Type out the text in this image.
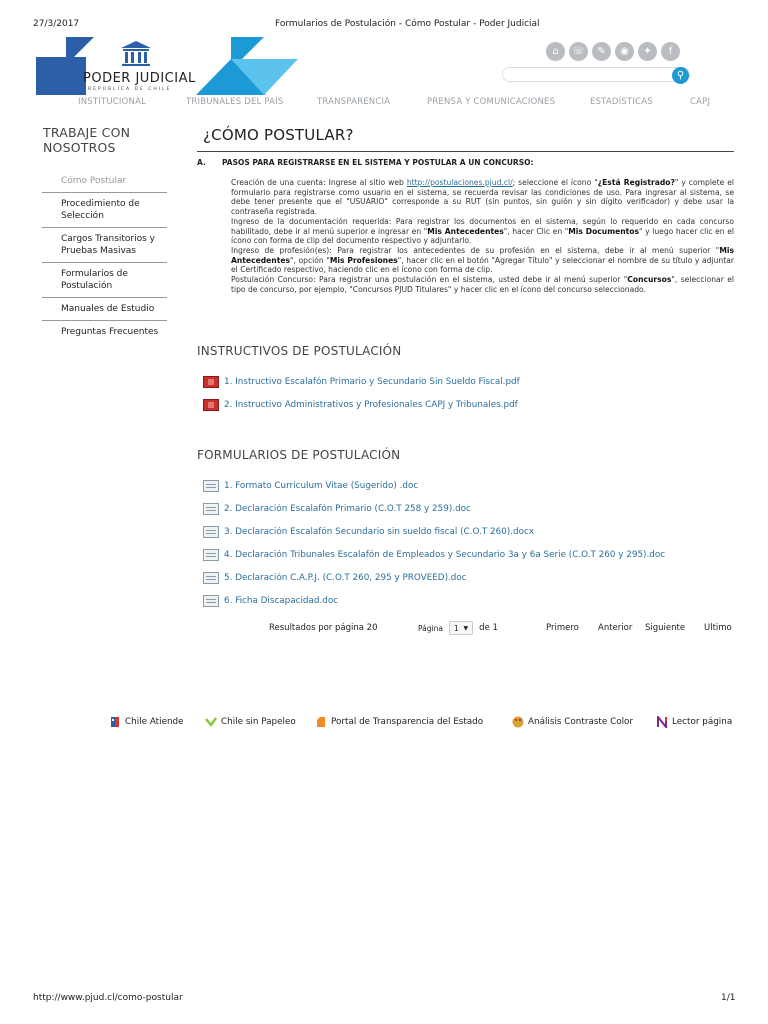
27/3/2017	Formularios de Postulación - Cómo Postular - Poder Judicial
PODER JUDICIAL
REPÚBLICA DE CHILE
⌂	☏	✎	◉	✦	f
⚲
INSTITUCIONAL	TRIBUNALES DEL PAÍS	TRANSPARENCIA	PRENSA Y COMUNICACIONES	ESTADÍSTICAS	CAPJ
TRABAJE CON NOSOTROS
Cómo Postular
Procedimiento de Selección
Cargos Transitorios y Pruebas Masivas
Formularios de Postulación
Manuales de Estudio
Preguntas Frecuentes
¿CÓMO POSTULAR?
A. PASOS PARA REGISTRARSE EN EL SISTEMA Y POSTULAR A UN CONCURSO:

Creación de una cuenta: Ingrese al sitio web http://postulaciones.pjud.cl/; seleccione el ícono "¿Está Registrado?" y complete el formulario para registrarse como usuario en el sistema, se recuerda revisar las condiciones de uso. Para ingresar al sistema, se debe tener presente que el "USUARIO" corresponde a su RUT (sin puntos, sin guión y sin dígito verificador) y debe usar la contraseña registrada.

Ingreso de la documentación requerida: Para registrar los documentos en el sistema, según lo requerido en cada concurso habilitado, debe ir al menú superior e ingresar en "Mis Antecedentes", hacer Clic en "Mis Documentos" y luego hacer clic en el ícono con forma de clip del documento respectivo y adjuntarlo.

Ingreso de profesión(es): Para registrar los antecedentes de su profesión en el sistema, debe ir al menú superior "Mis Antecedentes", opción "Mis Profesiones", hacer clic en el botón "Agregar Título" y seleccionar el nombre de su título y adjuntar el Certificado respectivo, haciendo clic en el ícono con forma de clip.

Postulación Concurso: Para registrar una postulación en el sistema, usted debe ir al menú superior "Concursos", seleccionar el tipo de concurso, por ejemplo, "Concursos PJUD Titulares" y hacer clic en el ícono del concurso seleccionado.

INSTRUCTIVOS DE POSTULACIÓN
1. Instructivo Escalafón Primario y Secundario Sin Sueldo Fiscal.pdf
2. Instructivo Administrativos y Profesionales CAPJ y Tribunales.pdf
FORMULARIOS DE POSTULACIÓN
1. Formato Curriculum Vitae (Sugerido) .doc
2. Declaración Escalafón Primario (C.O.T 258 y 259).doc
3. Declaración Escalafón Secundario sin sueldo fiscal (C.O.T 260).docx
4. Declaración Tribunales Escalafón de Empleados y Secundario 3a y 6a Serie (C.O.T 260 y 295).doc
5. Declaración C.A.P.J. (C.O.T 260, 295 y PROVEED).doc
6. Ficha Discapacidad.doc
Resultados por página 20	Página 1
▼ de 1	Primero Anterior Siguiente Último
Chile Atiende	Chile sin Papeleo	Portal de Transparencia del Estado	Análisis Contraste Color	Lector página
http://www.pjud.cl/como-postular	1/1
